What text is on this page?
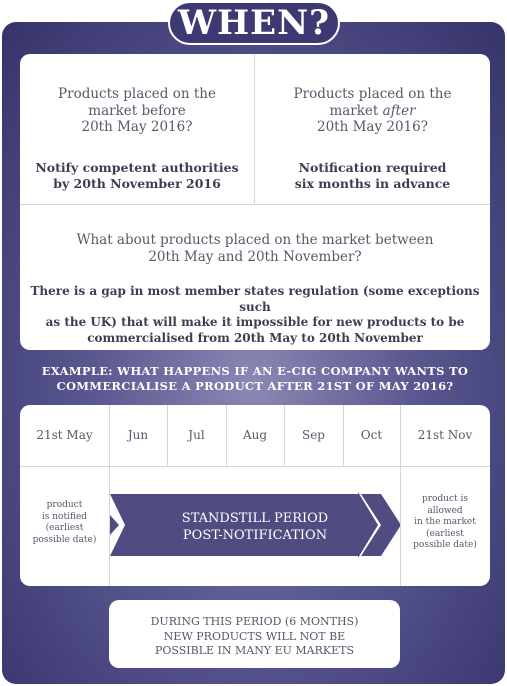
WHEN?
Products placed on the
market before
20th May 2016?
Notify competent authorities
by 20th November 2016
Products placed on the
market after
20th May 2016?
Notification required
six months in advance
What about products placed on the market between
20th May and 20th November?
There is a gap in most member states regulation (some exceptions such
as the UK) that will make it impossible for new products to be
commercialised from 20th May to 20th November
EXAMPLE: WHAT HAPPENS IF AN E-CIG COMPANY WANTS TO
COMMERCIALISE A PRODUCT AFTER 21ST OF MAY 2016?
21st May	Jun	Jul	Aug	Sep	Oct	21st Nov
product
is notified
(earliest
possible date)
product is
allowed
in the market
(earliest
possible date)
STANDSTILL PERIOD
POST-NOTIFICATION
DURING THIS PERIOD (6 MONTHS)
NEW PRODUCTS WILL NOT BE
POSSIBLE IN MANY EU MARKETS
